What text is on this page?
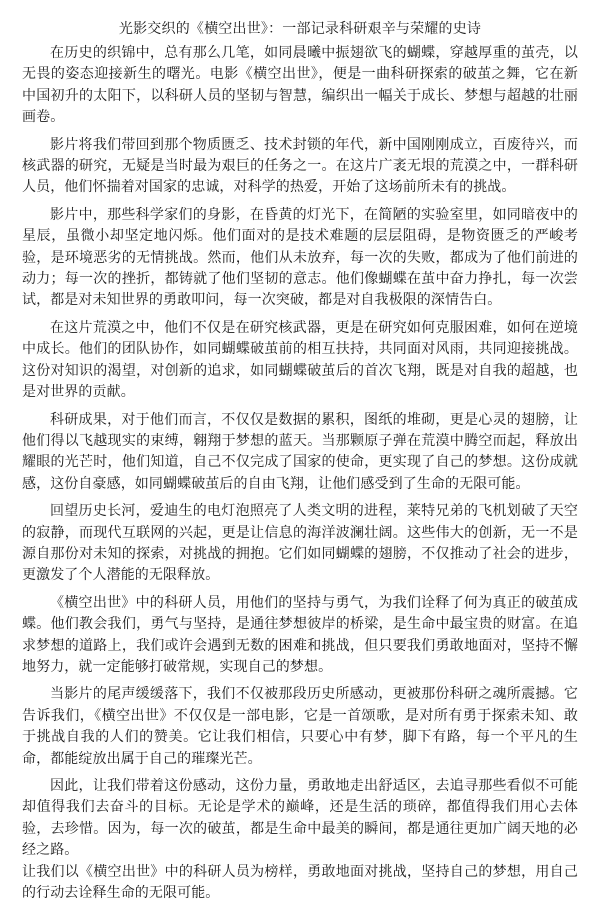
光影交织的《横空出世》：一部记录科研艰辛与荣耀的史诗

在历史的织锦中，总有那么几笔，如同晨曦中振翅欲飞的蝴蝶，穿越厚重的茧壳，以无畏的姿态迎接新生的曙光。电影《横空出世》，便是一曲科研探索的破茧之舞，它在新中国初升的太阳下，以科研人员的坚韧与智慧，编织出一幅关于成长、梦想与超越的壮丽画卷。

影片将我们带回到那个物质匮乏、技术封锁的年代，新中国刚刚成立，百废待兴，而核武器的研究，无疑是当时最为艰巨的任务之一。在这片广袤无垠的荒漠之中，一群科研人员，他们怀揣着对国家的忠诚，对科学的热爱，开始了这场前所未有的挑战。

影片中，那些科学家们的身影，在昏黄的灯光下，在简陋的实验室里，如同暗夜中的星辰，虽微小却坚定地闪烁。他们面对的是技术难题的层层阻碍，是物资匮乏的严峻考验，是环境恶劣的无情挑战。然而，他们从未放弃，每一次的失败，都成为了他们前进的动力；每一次的挫折，都铸就了他们坚韧的意志。他们像蝴蝶在茧中奋力挣扎，每一次尝试，都是对未知世界的勇敢叩问，每一次突破，都是对自我极限的深情告白。

在这片荒漠之中，他们不仅是在研究核武器，更是在研究如何克服困难，如何在逆境中成长。他们的团队协作，如同蝴蝶破茧前的相互扶持，共同面对风雨，共同迎接挑战。这份对知识的渴望，对创新的追求，如同蝴蝶破茧后的首次飞翔，既是对自我的超越，也是对世界的贡献。

科研成果，对于他们而言，不仅仅是数据的累积，图纸的堆砌，更是心灵的翅膀，让他们得以飞越现实的束缚，翱翔于梦想的蓝天。当那颗原子弹在荒漠中腾空而起，释放出耀眼的光芒时，他们知道，自己不仅完成了国家的使命，更实现了自己的梦想。这份成就感，这份自豪感，如同蝴蝶破茧后的自由飞翔，让他们感受到了生命的无限可能。

回望历史长河，爱迪生的电灯泡照亮了人类文明的进程，莱特兄弟的飞机划破了天空的寂静，而现代互联网的兴起，更是让信息的海洋波澜壮阔。这些伟大的创新，无一不是源自那份对未知的探索，对挑战的拥抱。它们如同蝴蝶的翅膀，不仅推动了社会的进步，更激发了个人潜能的无限释放。

《横空出世》中的科研人员，用他们的坚持与勇气，为我们诠释了何为真正的破茧成蝶。他们教会我们，勇气与坚持，是通往梦想彼岸的桥梁，是生命中最宝贵的财富。在追求梦想的道路上，我们或许会遇到无数的困难和挑战，但只要我们勇敢地面对，坚持不懈地努力，就一定能够打破常规，实现自己的梦想。

当影片的尾声缓缓落下，我们不仅被那段历史所感动，更被那份科研之魂所震撼。它告诉我们，《横空出世》不仅仅是一部电影，它是一首颂歌，是对所有勇于探索未知、敢于挑战自我的人们的赞美。它让我们相信，只要心中有梦，脚下有路，每一个平凡的生命，都能绽放出属于自己的璀璨光芒。

因此，让我们带着这份感动，这份力量，勇敢地走出舒适区，去追寻那些看似不可能却值得我们去奋斗的目标。无论是学术的巅峰，还是生活的琐碎，都值得我们用心去体验，去珍惜。因为，每一次的破茧，都是生命中最美的瞬间，都是通往更加广阔天地的必经之路。

让我们以《横空出世》中的科研人员为榜样，勇敢地面对挑战，坚持自己的梦想，用自己的行动去诠释生命的无限可能。
